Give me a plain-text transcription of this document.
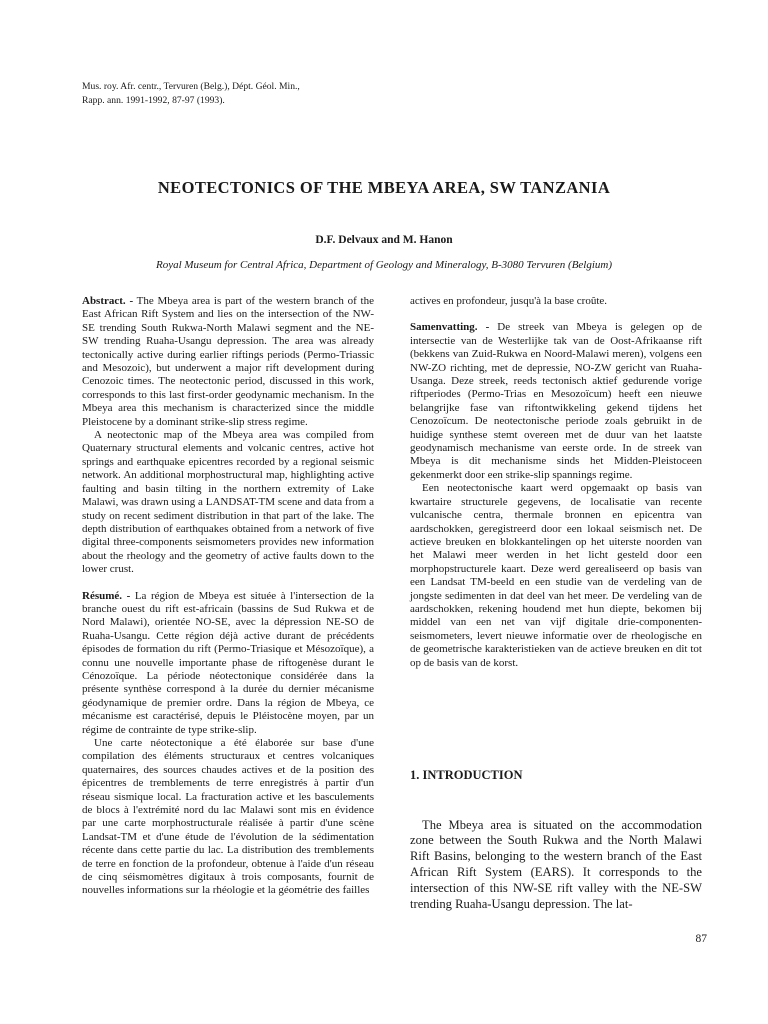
Mus. roy. Afr. centr., Tervuren (Belg.), Dépt. Géol. Min.,
Rapp. ann. 1991-1992, 87-97 (1993).
NEOTECTONICS OF THE MBEYA AREA, SW TANZANIA
D.F. Delvaux and M. Hanon
Royal Museum for Central Africa, Department of Geology and Mineralogy, B-3080 Tervuren (Belgium)

Abstract. - The Mbeya area is part of the western branch of the East African Rift System and lies on the intersection of the NW-SE trending South Rukwa-North Malawi segment and the NE-SW trending Ruaha-Usangu depression. The area was already tectonically active during earlier riftings periods (Permo-Triassic and Mesozoic), but underwent a major rift development during Cenozoic times. The neotectonic period, discussed in this work, corresponds to this last first-order geodynamic mechanism. In the Mbeya area this mechanism is characterized since the middle Pleistocene by a dominant strike-slip stress regime.

A neotectonic map of the Mbeya area was compiled from Quaternary structural elements and volcanic centres, active hot springs and earthquake epicentres recorded by a regional seismic network. An additional morphostructural map, highlighting active faulting and basin tilting in the northern extremity of Lake Malawi, was drawn using a LANDSAT-TM scene and data from a study on recent sediment distribution in that part of the lake. The depth distribution of earthquakes obtained from a network of five digital three-components seismometers provides new information about the rheology and the geometry of active faults down to the lower crust.

Résumé. - La région de Mbeya est située à l'intersection de la branche ouest du rift est-africain (bassins de Sud Rukwa et de Nord Malawi), orientée NO-SE, avec la dépression NE-SO de Ruaha-Usangu. Cette région déjà active durant de précédents épisodes de formation du rift (Permo-Triasique et Mésozoïque), a connu une nouvelle importante phase de riftogenèse durant le Cénozoïque. La période néotectonique considérée dans la présente synthèse correspond à la durée du dernier mécanisme géodynamique de premier ordre. Dans la région de Mbeya, ce mécanisme est caractérisé, depuis le Pléistocène moyen, par un régime de contrainte de type strike-slip.

Une carte néotectonique a été élaborée sur base d'une compilation des éléments structuraux et centres volcaniques quaternaires, des sources chaudes actives et de la position des épicentres de tremblements de terre enregistrés à partir d'un réseau sismique local. La fracturation active et les basculements de blocs à l'extrémité nord du lac Malawi sont mis en évidence par une carte morphostructurale réalisée à partir d'une scène Landsat-TM et d'une étude de l'évolution de la sédimentation récente dans cette partie du lac. La distribution des tremblements de terre en fonction de la profondeur, obtenue à l'aide d'un réseau de cinq séismomètres digitaux à trois composants, fournit de nouvelles informations sur la rhéologie et la géométrie des failles

actives en profondeur, jusqu'à la base croûte.

Samenvatting. - De streek van Mbeya is gelegen op de intersectie van de Westerlijke tak van de Oost-Afrikaanse rift (bekkens van Zuid-Rukwa en Noord-Malawi meren), volgens een NW-ZO richting, met de depressie, NO-ZW gericht van Ruaha-Usanga. Deze streek, reeds tectonisch aktief gedurende vorige riftperiodes (Permo-Trias en Mesozoïcum) heeft een nieuwe belangrijke fase van riftontwikkeling gekend tijdens het Cenozoïcum. De neotectonische periode zoals gebruikt in de huidige synthese stemt overeen met de duur van het laatste geodynamisch mechanisme van eerste orde. In de streek van Mbeya is dit mechanisme sinds het Midden-Pleistoceen gekenmerkt door een strike-slip spannings regime.

Een neotectonische kaart werd opgemaakt op basis van kwartaire structurele gegevens, de localisatie van recente vulcanische centra, thermale bronnen en epicentra van aardschokken, geregistreerd door een lokaal seismisch net. De actieve breuken en blokkantelingen op het uiterste noorden van het Malawi meer werden in het licht gesteld door een morphopstructurele kaart. Deze werd gerealiseerd op basis van een Landsat TM-beeld en een studie van de verdeling van de jongste sedimenten in dat deel van het meer. De verdeling van de aardschokken, rekening houdend met hun diepte, bekomen bij middel van een net van vijf digitale drie-componenten-seismometers, levert nieuwe informatie over de rheologische en de geometrische karakteristieken van de actieve breuken en dit tot op de basis van de korst.

1. INTRODUCTION

The Mbeya area is situated on the accommodation zone between the South Rukwa and the North Malawi Rift Basins, belonging to the western branch of the East African Rift System (EARS). It corresponds to the intersection of this NW-SE rift valley with the NE-SW trending Ruaha-Usangu depression. The lat-

87
